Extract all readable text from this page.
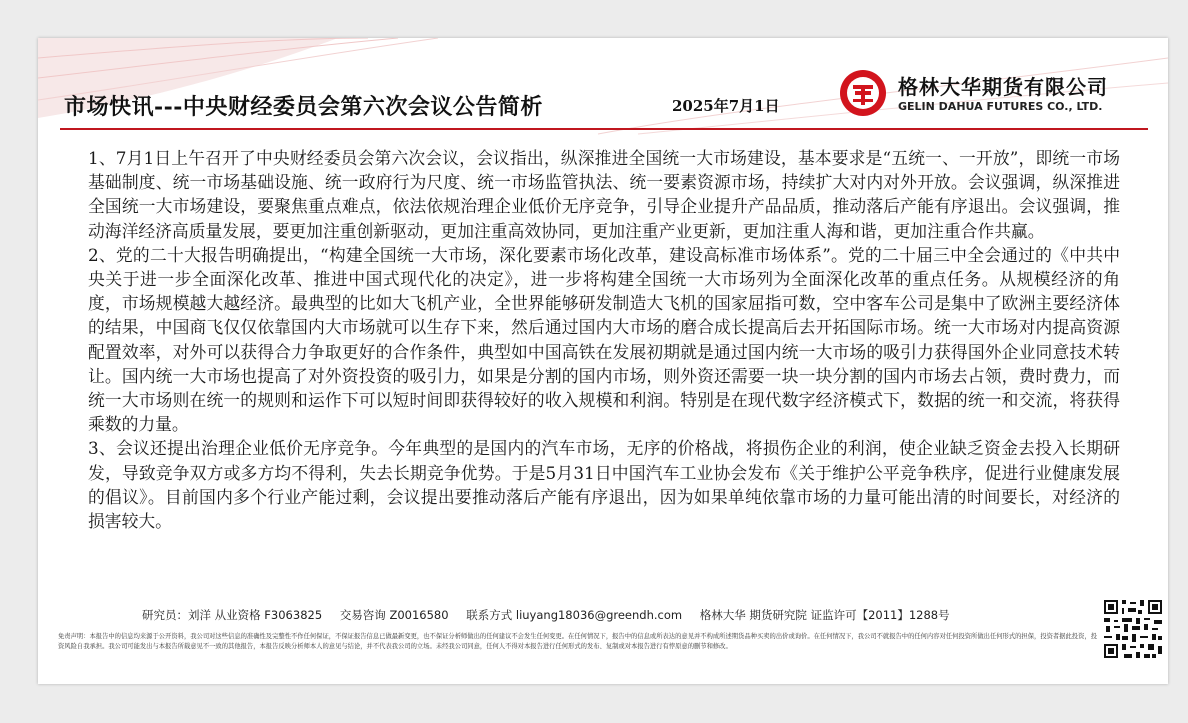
市场快讯---中央财经委员会第六次会议公告简析	2025年7月1日
格林大华期货有限公司
GELIN DAHUA FUTURES CO., LTD.

1、7月1日上午召开了中央财经委员会第六次会议，会议指出，纵深推进全国统一大市场建设，基本要求是“五统一、一开放”，即统一市场基础制度、统一市场基础设施、统一政府行为尺度、统一市场监管执法、统一要素资源市场，持续扩大对内对外开放。会议强调，纵深推进全国统一大市场建设，要聚焦重点难点，依法依规治理企业低价无序竞争，引导企业提升产品品质，推动落后产能有序退出。会议强调，推动海洋经济高质量发展，要更加注重创新驱动，更加注重高效协同，更加注重产业更新，更加注重人海和谐，更加注重合作共赢。

2、党的二十大报告明确提出，“构建全国统一大市场，深化要素市场化改革，建设高标准市场体系”。党的二十届三中全会通过的《中共中央关于进一步全面深化改革、推进中国式现代化的决定》，进一步将构建全国统一大市场列为全面深化改革的重点任务。从规模经济的角度，市场规模越大越经济。最典型的比如大飞机产业，全世界能够研发制造大飞机的国家屈指可数，空中客车公司是集中了欧洲主要经济体的结果，中国商飞仅仅依靠国内大市场就可以生存下来，然后通过国内大市场的磨合成长提高后去开拓国际市场。统一大市场对内提高资源配置效率，对外可以获得合力争取更好的合作条件，典型如中国高铁在发展初期就是通过国内统一大市场的吸引力获得国外企业同意技术转让。国内统一大市场也提高了对外资投资的吸引力，如果是分割的国内市场，则外资还需要一块一块分割的国内市场去占领，费时费力，而统一大市场则在统一的规则和运作下可以短时间即获得较好的收入规模和利润。特别是在现代数字经济模式下，数据的统一和交流，将获得乘数的力量。

3、会议还提出治理企业低价无序竞争。今年典型的是国内的汽车市场，无序的价格战，将损伤企业的利润，使企业缺乏资金去投入长期研发，导致竞争双方或多方均不得利，失去长期竞争优势。于是5月31日中国汽车工业协会发布《关于维护公平竞争秩序，促进行业健康发展的倡议》。目前国内多个行业产能过剩，会议提出要推动落后产能有序退出，因为如果单纯依靠市场的力量可能出清的时间要长，对经济的损害较大。

研究员：刘洋 从业资格 F3063825 交易咨询 Z0016580 联系方式 liuyang18036@greendh.com 格林大华 期货研究院 证监许可【2011】1288号
免责声明：本报告中的信息均来源于公开资料，我公司对这些信息的准确性及完整性不作任何保证，不保证报告信息已做最新变更，也不保证分析师做出的任何建议不会发生任何变更。在任何情况下，报告中的信息或所表达的意见并不构成所述期货品种买卖的出价或询价。在任何情况下，我公司不就报告中的任何内容对任何投资所做出任何形式的担保，投资者据此投资，投资风险自我承担。我公司可能发出与本报告所载意见不一致的其他报告，本报告反映分析师本人的意见与结论，并不代表我公司的立场。未经我公司同意，任何人不得对本报告进行任何形式的发布、复制或对本报告进行有悖原意的删节和修改。
